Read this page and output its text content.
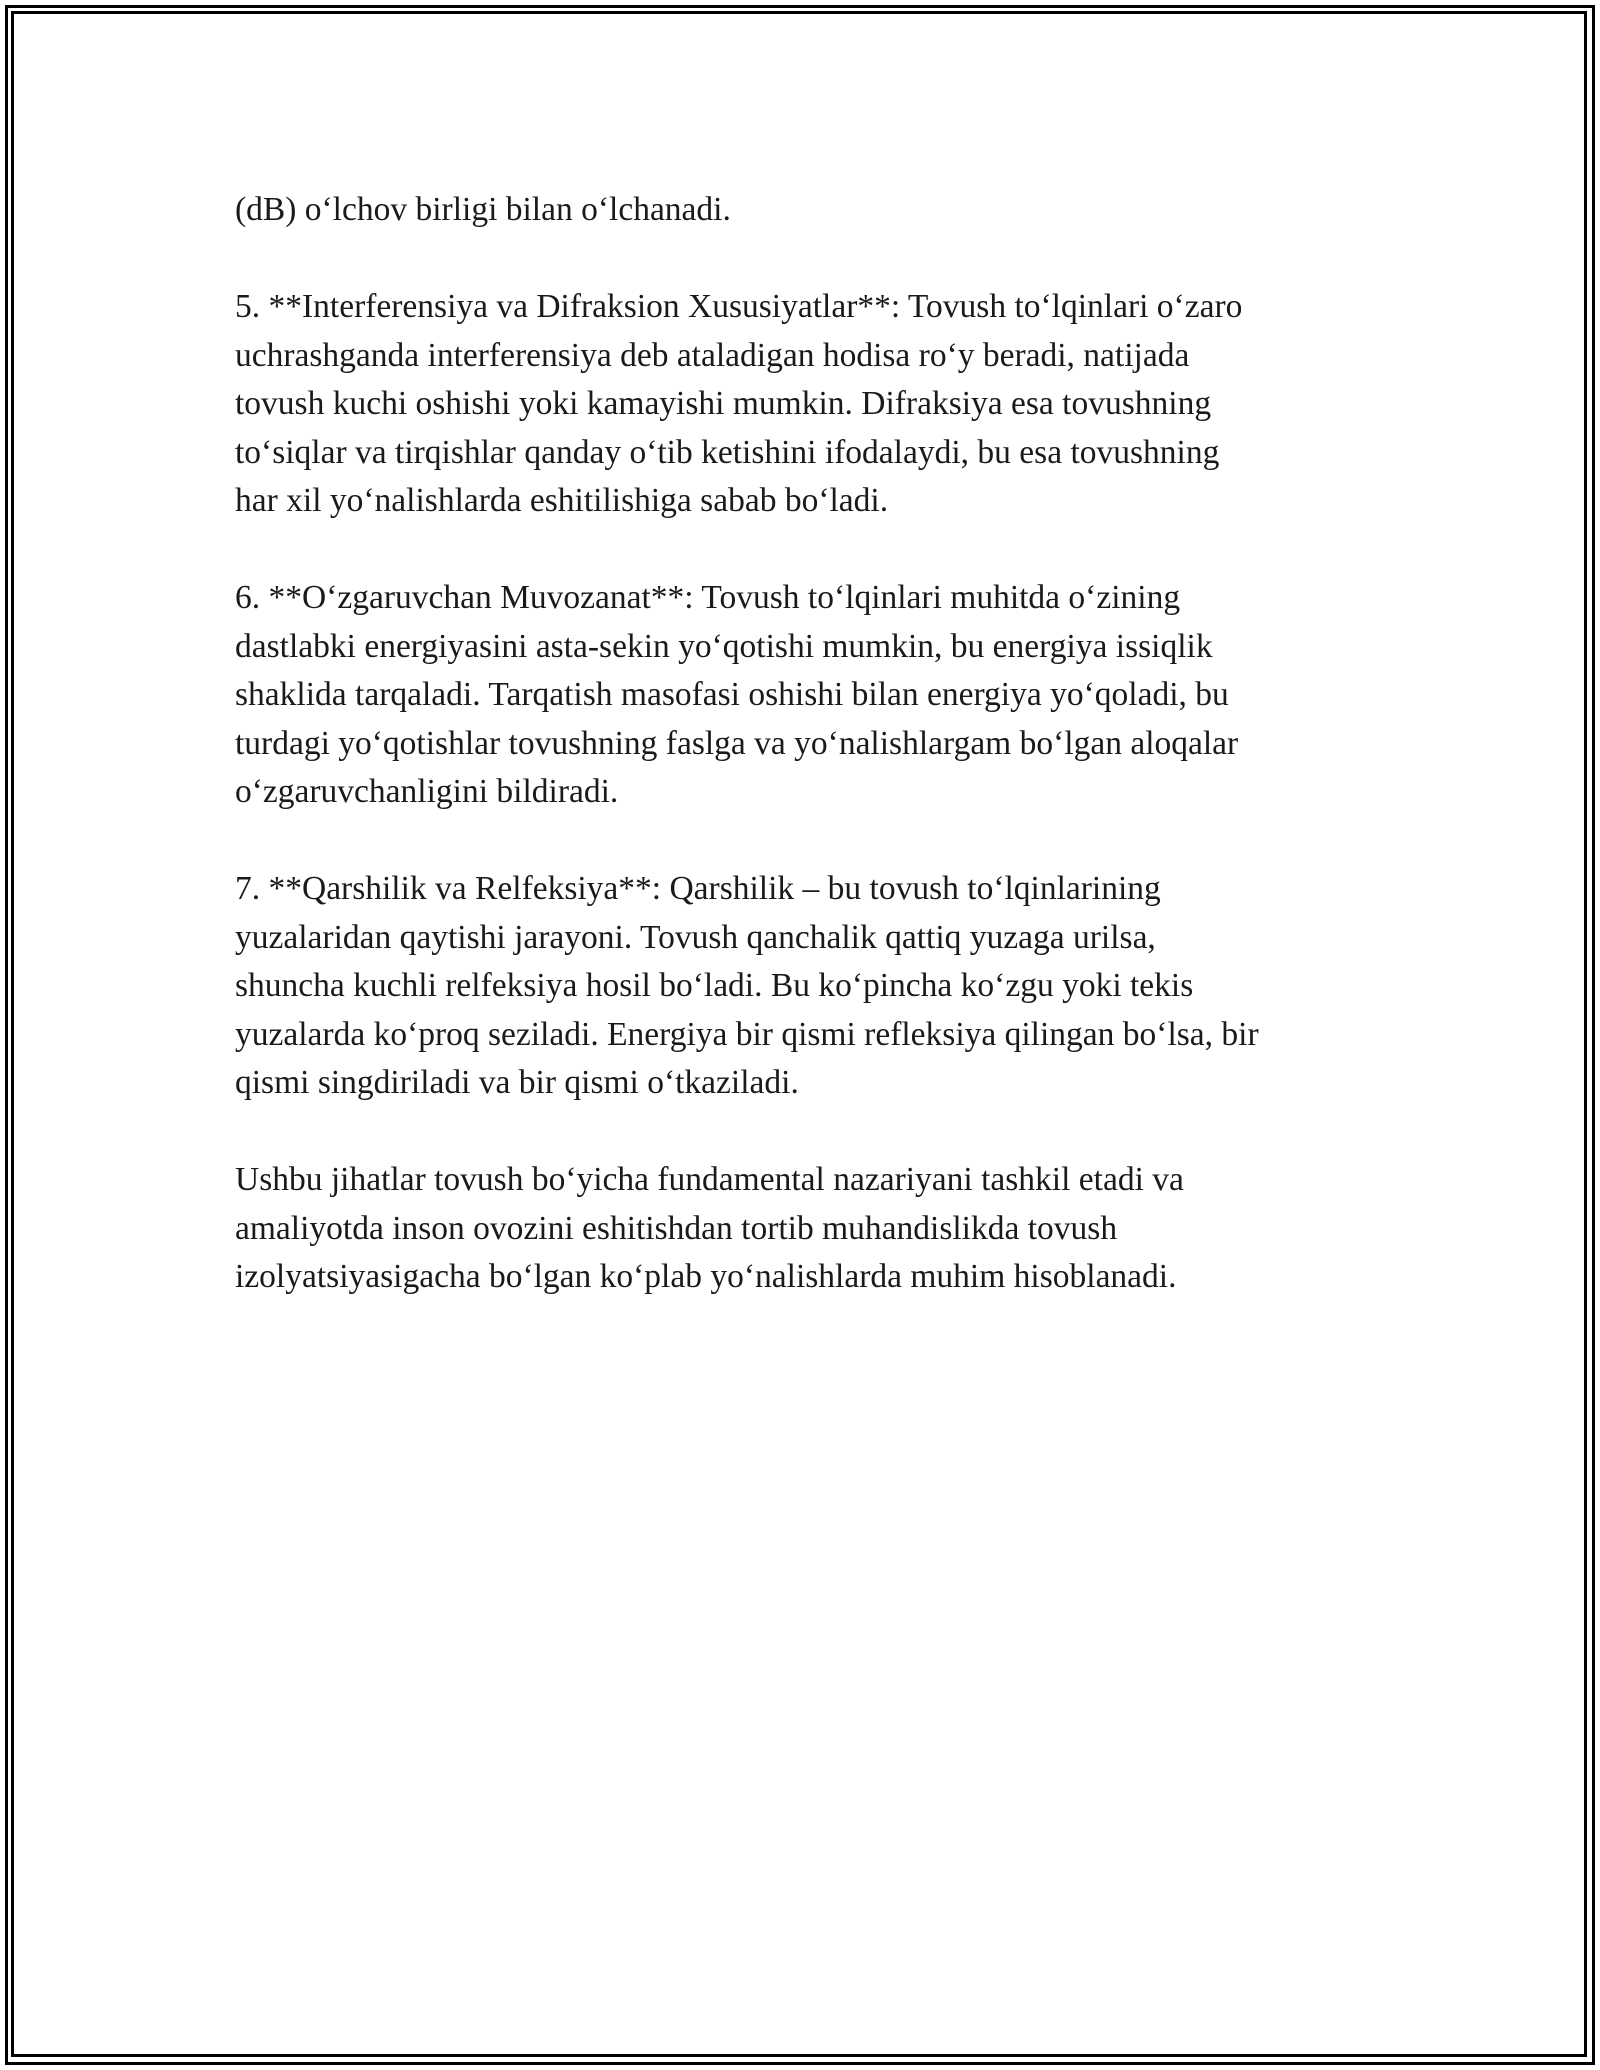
(dB) o‘lchov birligi bilan o‘lchanadi.

5. **Interferensiya va Difraksion Xususiyatlar**: Tovush to‘lqinlari o‘zaro
uchrashganda interferensiya deb ataladigan hodisa ro‘y beradi, natijada
tovush kuchi oshishi yoki kamayishi mumkin. Difraksiya esa tovushning
to‘siqlar va tirqishlar qanday o‘tib ketishini ifodalaydi, bu esa tovushning
har xil yo‘nalishlarda eshitilishiga sabab bo‘ladi.

6. **O‘zgaruvchan Muvozanat**: Tovush to‘lqinlari muhitda o‘zining
dastlabki energiyasini asta-sekin yo‘qotishi mumkin, bu energiya issiqlik
shaklida tarqaladi. Tarqatish masofasi oshishi bilan energiya yo‘qoladi, bu
turdagi yo‘qotishlar tovushning faslga va yo‘nalishlargam bo‘lgan aloqalar
o‘zgaruvchanligini bildiradi.

7. **Qarshilik va Relfeksiya**: Qarshilik – bu tovush to‘lqinlarining
yuzalaridan qaytishi jarayoni. Tovush qanchalik qattiq yuzaga urilsa,
shuncha kuchli relfeksiya hosil bo‘ladi. Bu ko‘pincha ko‘zgu yoki tekis
yuzalarda ko‘proq seziladi. Energiya bir qismi refleksiya qilingan bo‘lsa, bir
qismi singdiriladi va bir qismi o‘tkaziladi.

Ushbu jihatlar tovush bo‘yicha fundamental nazariyani tashkil etadi va
amaliyotda inson ovozini eshitishdan tortib muhandislikda tovush
izolyatsiyasigacha bo‘lgan ko‘plab yo‘nalishlarda muhim hisoblanadi.
